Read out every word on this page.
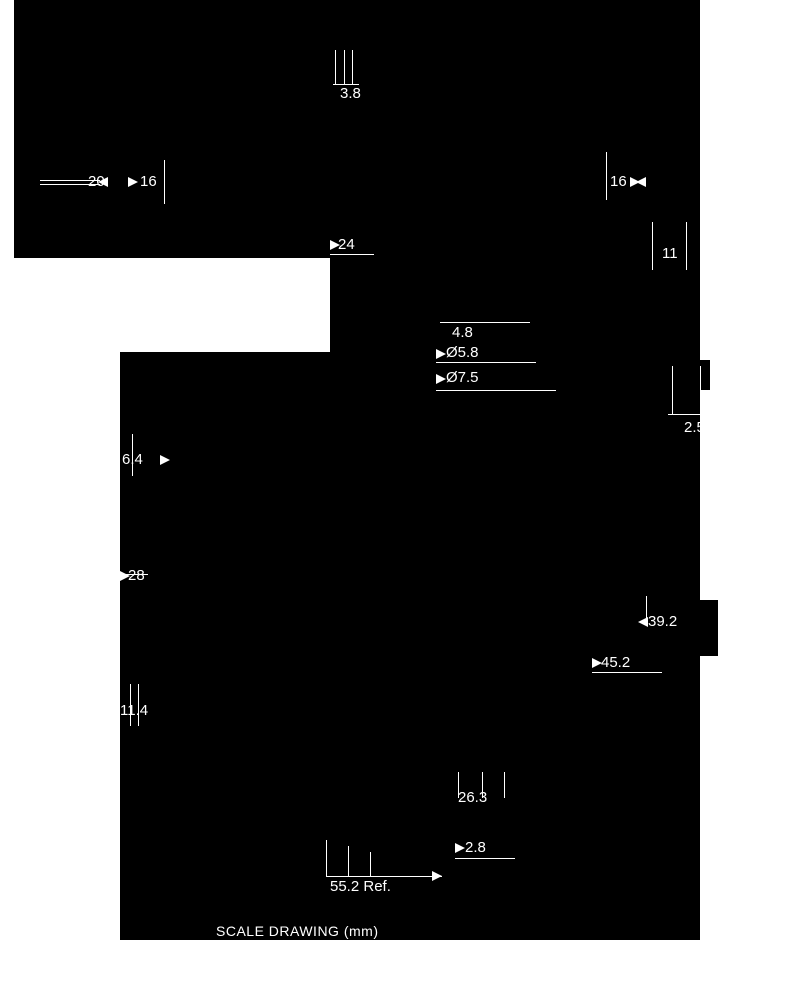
3.8
20 16	16
24
11
4.8
Ø5.8
Ø7.5
2.5
6.4
28
39.2
45.2
11.4
26.3
2.8
55.2 Ref.
SCALE DRAWING (mm)
